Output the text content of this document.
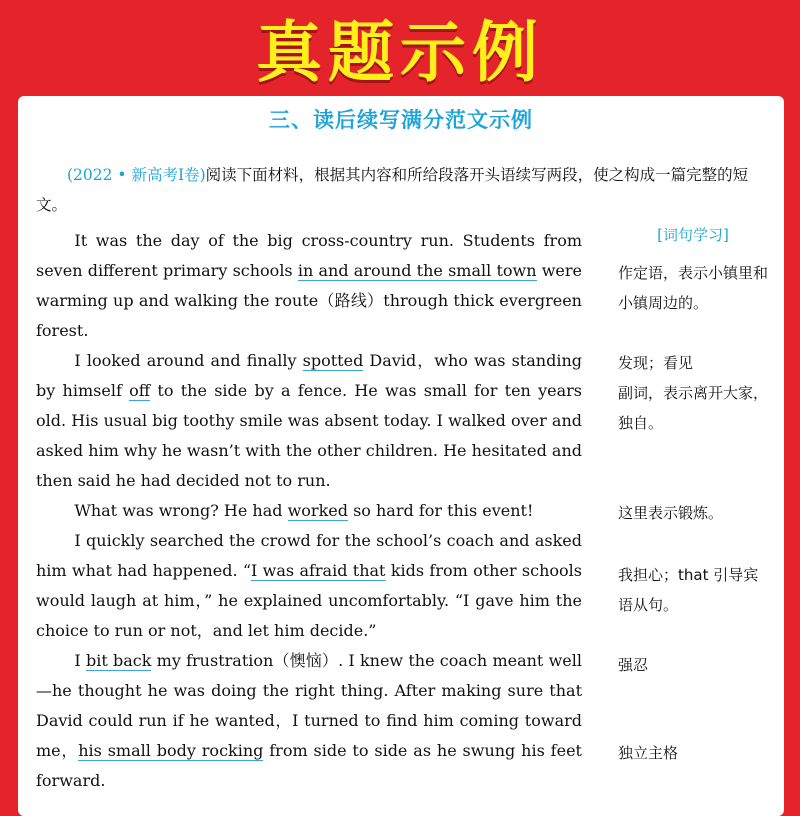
真题示例
三、读后续写满分范文示例
(2022 • 新高考Ⅰ卷)阅读下面材料，根据其内容和所给段落开头语续写两段，使之构成一篇完整的短文。

It was the day of the big cross-country run. Students from seven different primary schools in and around the small town were warming up and walking the route（路线）through thick evergreen forest.

I looked around and finally spotted David，who was standing by himself off to the side by a fence. He was small for ten years old. His usual big toothy smile was absent today. I walked over and asked him why he wasn’t with the other children. He hesitated and then said he had decided not to run.

What was wrong? He had worked so hard for this event!

I quickly searched the crowd for the school’s coach and asked him what had happened. “I was afraid that kids from other schools would laugh at him，” he explained uncomfortably. “I gave him the choice to run or not，and let him decide.”

I bit back my frustration（懊恼）. I knew the coach meant well—he thought he was doing the right thing. After making sure that David could run if he wanted，I turned to find him coming toward me，his small body rocking from side to side as he swung his feet forward.

[词句学习]
作定语，表示小镇里和小镇周边的。
发现；看见
副词，表示离开大家，独自。
这里表示锻炼。
我担心；that 引导宾语从句。
强忍
独立主格
